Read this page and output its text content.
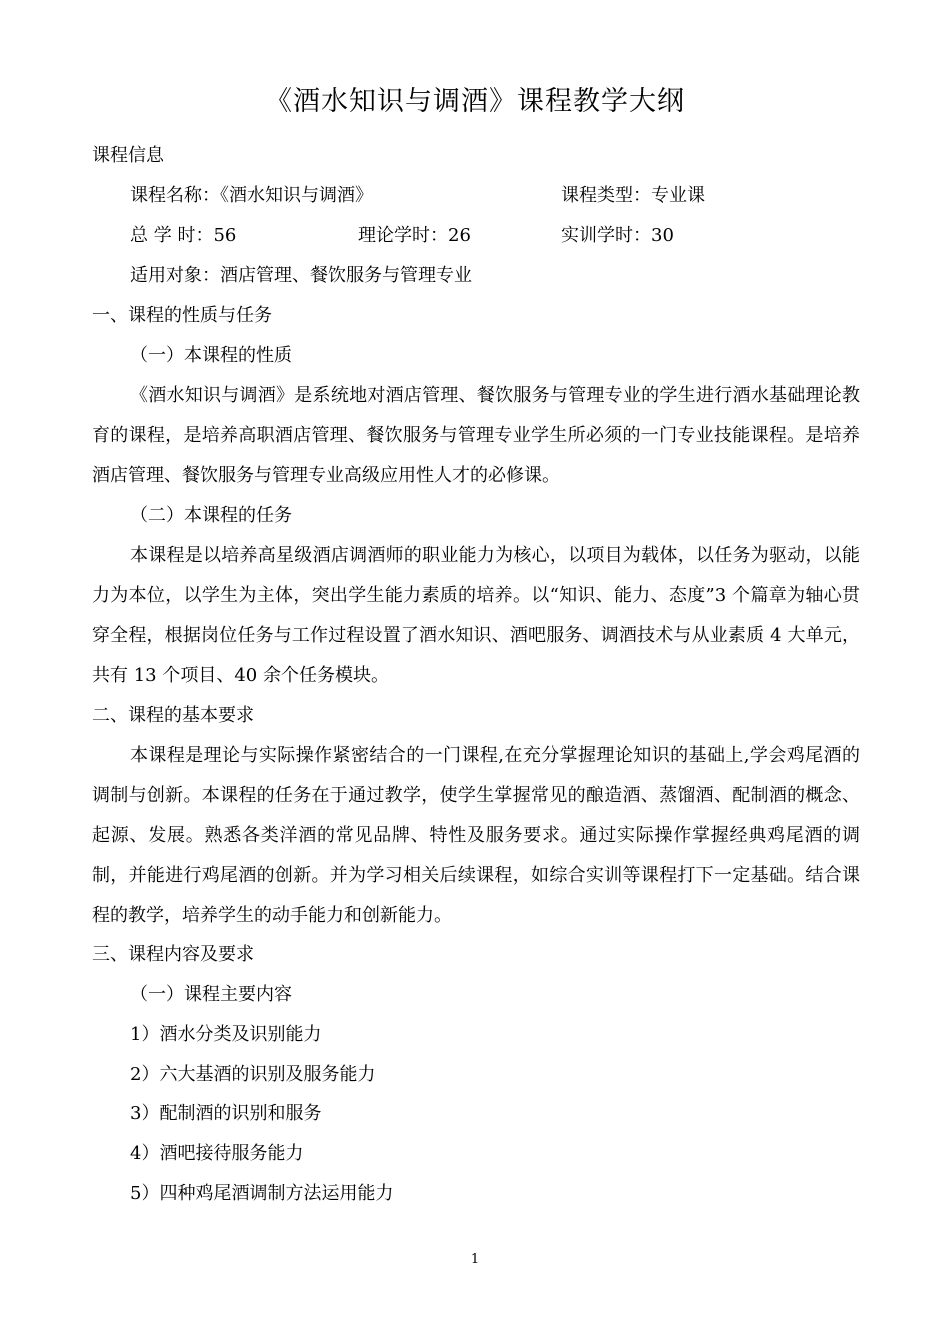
《酒水知识与调酒》课程教学大纲
课程信息
课程名称：《酒水知识与调酒》	课程类型：专业课
总 学 时：56	理论学时：26	实训学时：30
适用对象：酒店管理、餐饮服务与管理专业
一、课程的性质与任务
（一）本课程的性质
《酒水知识与调酒》是系统地对酒店管理、餐饮服务与管理专业的学生进行酒水基础理论教育的课程，是培养高职酒店管理、餐饮服务与管理专业学生所必须的一门专业技能课程。是培养酒店管理、餐饮服务与管理专业高级应用性人才的必修课。
（二）本课程的任务
本课程是以培养高星级酒店调酒师的职业能力为核心，以项目为载体，以任务为驱动，以能力为本位，以学生为主体，突出学生能力素质的培养。以“知识、能力、态度”3 个篇章为轴心贯穿全程，根据岗位任务与工作过程设置了酒水知识、酒吧服务、调酒技术与从业素质 4 大单元，共有 13 个项目、40 余个任务模块。
二、课程的基本要求
本课程是理论与实际操作紧密结合的一门课程,在充分掌握理论知识的基础上,学会鸡尾酒的调制与创新。本课程的任务在于通过教学，使学生掌握常见的酿造酒、蒸馏酒、配制酒的概念、起源、发展。熟悉各类洋酒的常见品牌、特性及服务要求。通过实际操作掌握经典鸡尾酒的调制，并能进行鸡尾酒的创新。并为学习相关后续课程，如综合实训等课程打下一定基础。结合课程的教学，培养学生的动手能力和创新能力。
三、课程内容及要求
（一）课程主要内容
1）酒水分类及识别能力
2）六大基酒的识别及服务能力
3）配制酒的识别和服务
4）酒吧接待服务能力
5）四种鸡尾酒调制方法运用能力
1
